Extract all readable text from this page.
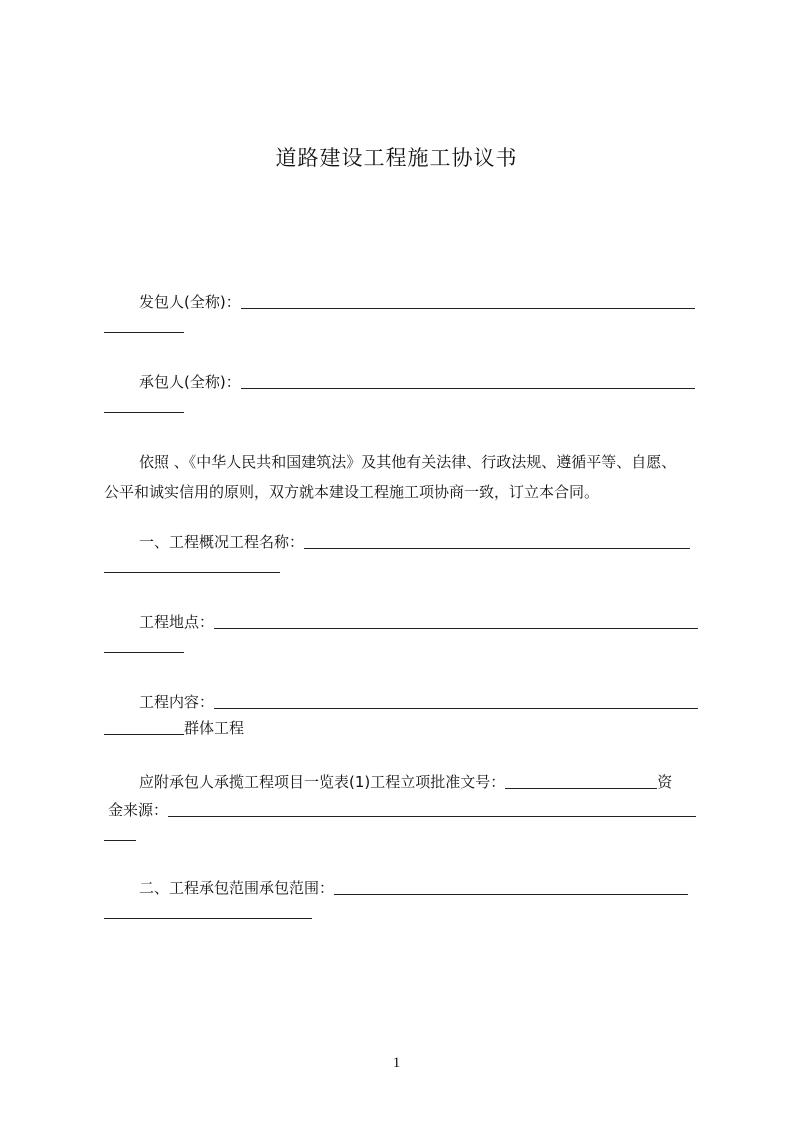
道路建设工程施工协议书
发包人(全称)：
承包人(全称)：
依照 、《中华人民共和国建筑法》及其他有关法律、行政法规、遵循平等、自愿、
公平和诚实信用的原则，双方就本建设工程施工项协商一致，订立本合同。
一、工程概况工程名称：
工程地点：
工程内容：
群体工程
应附承包人承揽工程项目一览表(1)工程立项批准文号：	资
金来源：
二、工程承包范围承包范围：
1
